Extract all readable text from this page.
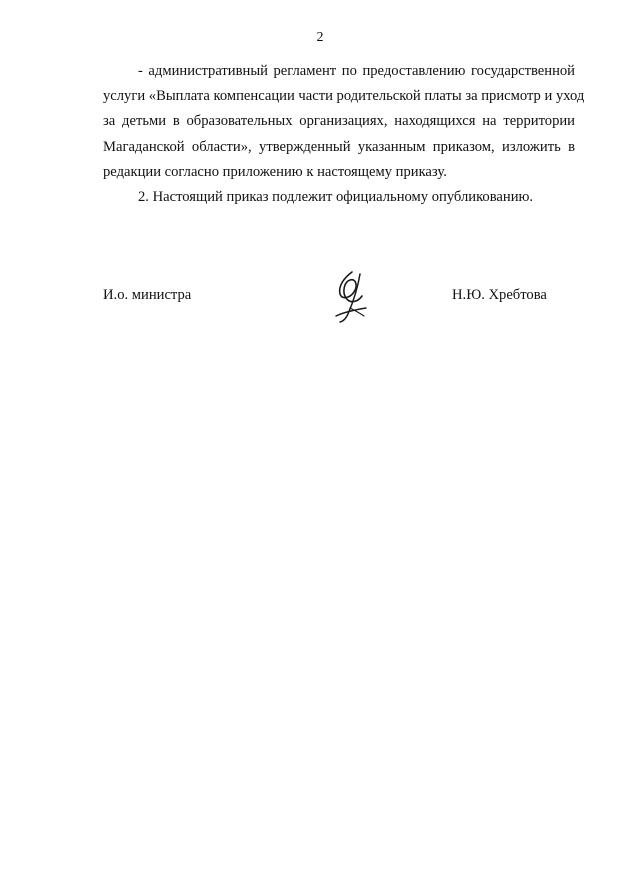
2
- административный регламент по предоставлению государственной
услуги «Выплата компенсации части родительской платы за присмотр и уход
за детьми в образовательных организациях, находящихся на территории
Магаданской области», утвержденный указанным приказом, изложить в
редакции согласно приложению к настоящему приказу.
2. Настоящий приказ подлежит официальному опубликованию.
И.о. министра	Н.Ю. Хребтова
